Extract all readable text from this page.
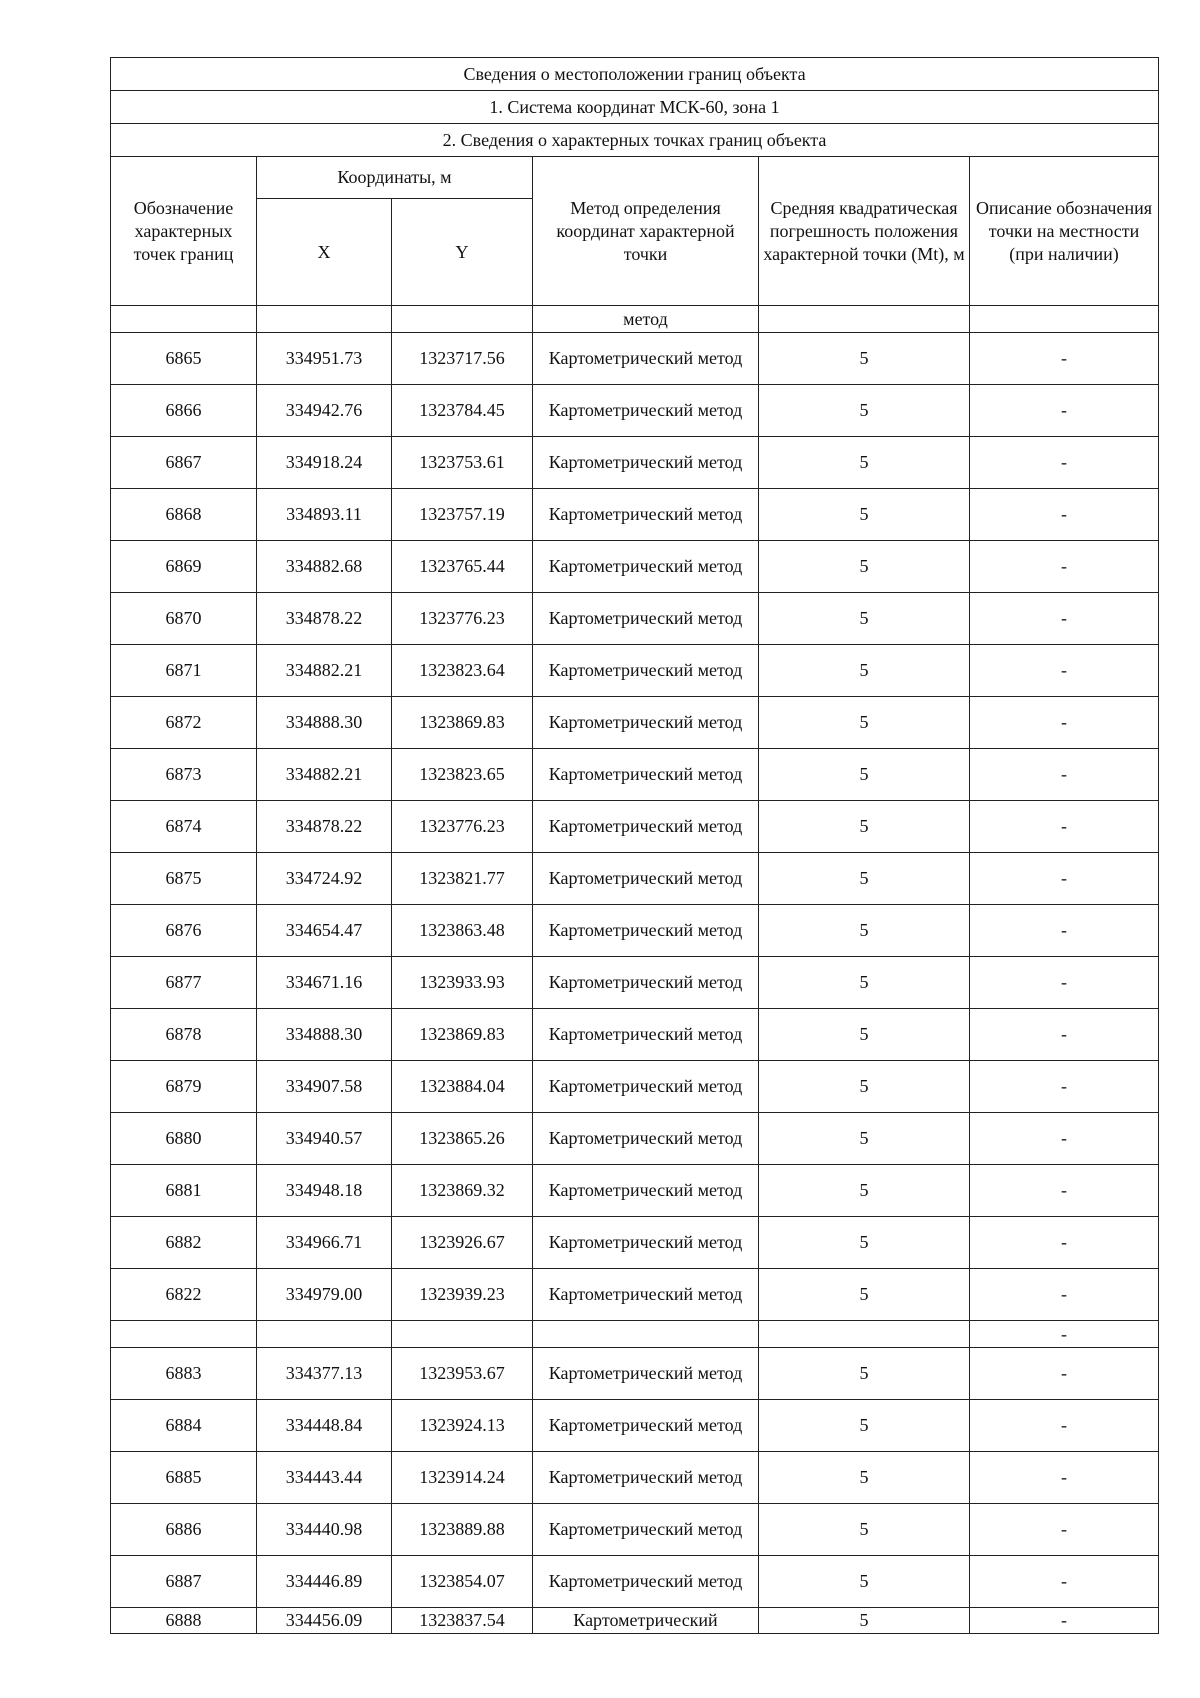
Сведения о местоположении границ объекта					
1. Система координат МСК-60, зона 1					
2. Сведения о характерных точках границ объекта					
Обозначение характерных точек границ	Координаты, м		Метод определения координат характерной точки	Средняя квадратическая погрешность положения характерной точки (Mt), м	Описание обозначения точки на местности (при наличии)
	X	Y			
			метод		
6865	334951.73	1323717.56	Картометрический метод	5	-
6866	334942.76	1323784.45	Картометрический метод	5	-
6867	334918.24	1323753.61	Картометрический метод	5	-
6868	334893.11	1323757.19	Картометрический метод	5	-
6869	334882.68	1323765.44	Картометрический метод	5	-
6870	334878.22	1323776.23	Картометрический метод	5	-
6871	334882.21	1323823.64	Картометрический метод	5	-
6872	334888.30	1323869.83	Картометрический метод	5	-
6873	334882.21	1323823.65	Картометрический метод	5	-
6874	334878.22	1323776.23	Картометрический метод	5	-
6875	334724.92	1323821.77	Картометрический метод	5	-
6876	334654.47	1323863.48	Картометрический метод	5	-
6877	334671.16	1323933.93	Картометрический метод	5	-
6878	334888.30	1323869.83	Картометрический метод	5	-
6879	334907.58	1323884.04	Картометрический метод	5	-
6880	334940.57	1323865.26	Картометрический метод	5	-
6881	334948.18	1323869.32	Картометрический метод	5	-
6882	334966.71	1323926.67	Картометрический метод	5	-
6822	334979.00	1323939.23	Картометрический метод	5	-
					-
6883	334377.13	1323953.67	Картометрический метод	5	-
6884	334448.84	1323924.13	Картометрический метод	5	-
6885	334443.44	1323914.24	Картометрический метод	5	-
6886	334440.98	1323889.88	Картометрический метод	5	-
6887	334446.89	1323854.07	Картометрический метод	5	-
6888	334456.09	1323837.54	Картометрический	5	-
